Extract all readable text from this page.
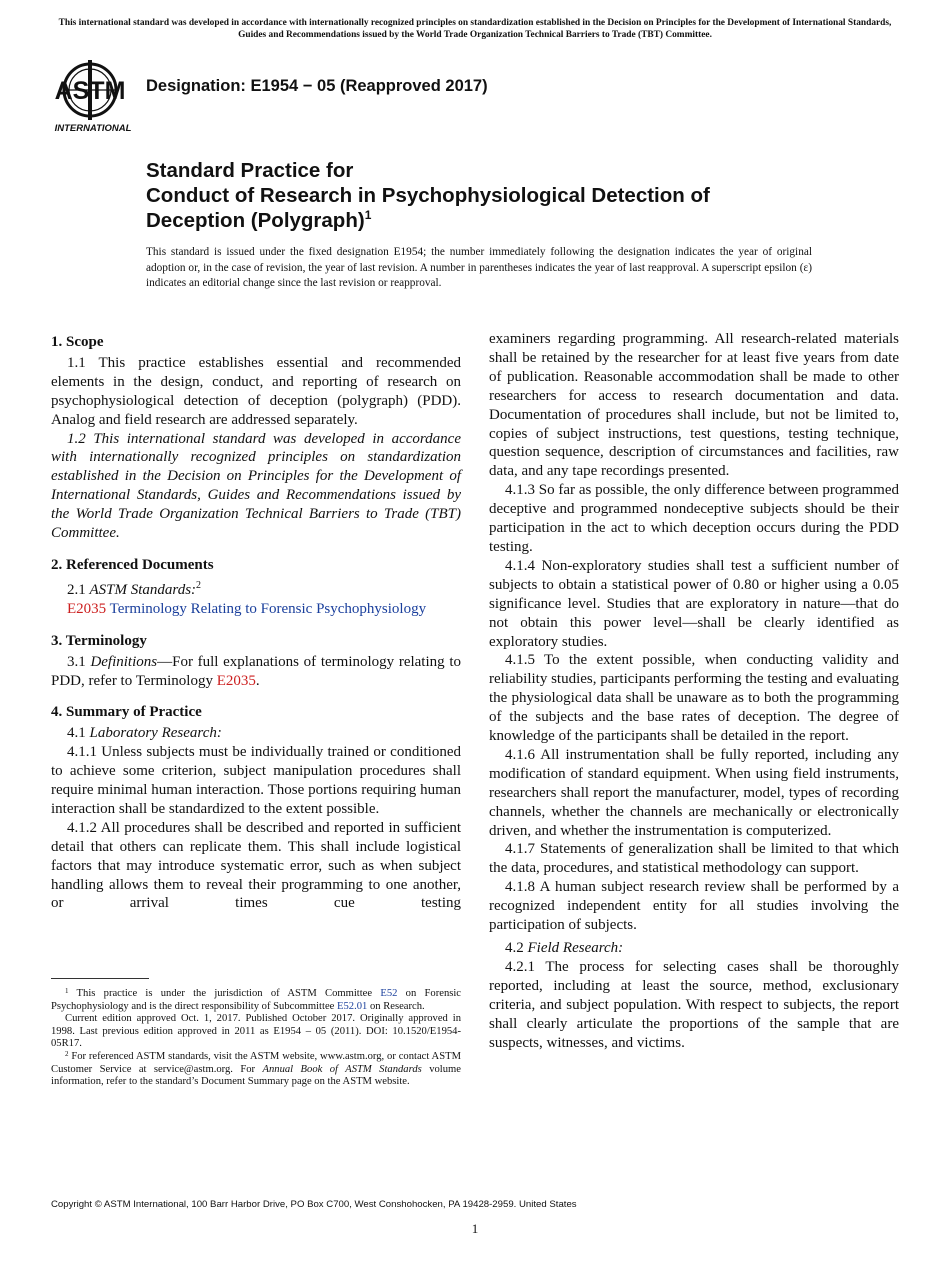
This international standard was developed in accordance with internationally recognized principles on standardization established in the Decision on Principles for the Development of International Standards, Guides and Recommendations issued by the World Trade Organization Technical Barriers to Trade (TBT) Committee.
ASTM
INTERNATIONAL
Designation: E1954 − 05 (Reapproved 2017)
Standard Practice for
Conduct of Research in Psychophysiological Detection of
Deception (Polygraph)$^1$
This standard is issued under the fixed designation E1954; the number immediately following the designation indicates the year of original adoption or, in the case of revision, the year of last revision. A number in parentheses indicates the year of last reapproval. A superscript epsilon (ε) indicates an editorial change since the last revision or reapproval.

1. Scope

1.1 This practice establishes essential and recommended elements in the design, conduct, and reporting of research on psychophysiological detection of deception (polygraph) (PDD). Analog and field research are addressed separately.

1.2 This international standard was developed in accordance with internationally recognized principles on standardization established in the Decision on Principles for the Development of International Standards, Guides and Recommendations issued by the World Trade Organization Technical Barriers to Trade (TBT) Committee.

2. Referenced Documents

2.1 ASTM Standards:$^2$

E2035 Terminology Relating to Forensic Psychophysiology

3. Terminology

3.1 Definitions—For full explanations of terminology relating to PDD, refer to Terminology E2035.

4. Summary of Practice

4.1 Laboratory Research:

4.1.1 Unless subjects must be individually trained or conditioned to achieve some criterion, subject manipulation procedures shall require minimal human interaction. Those portions requiring human interaction shall be standardized to the extent possible.

4.1.2 All procedures shall be described and reported in sufficient detail that others can replicate them. This shall include logistical factors that may introduce systematic error, such as when subject handling allows them to reveal their programming to one another, or arrival times cue testing

examiners regarding programming. All research-related materials shall be retained by the researcher for at least five years from date of publication. Reasonable accommodation shall be made to other researchers for access to research documentation and data. Documentation of procedures shall include, but not be limited to, copies of subject instructions, test questions, testing technique, question sequence, description of circumstances and facilities, raw data, and any tape recordings presented.

4.1.3 So far as possible, the only difference between programmed deceptive and programmed nondeceptive subjects should be their participation in the act to which deception occurs during the PDD testing.

4.1.4 Non-exploratory studies shall test a sufficient number of subjects to obtain a statistical power of 0.80 or higher using a 0.05 significance level. Studies that are exploratory in nature—that do not obtain this power level—shall be clearly identified as exploratory studies.

4.1.5 To the extent possible, when conducting validity and reliability studies, participants performing the testing and evaluating the physiological data shall be unaware as to both the programming of the subjects and the base rates of deception. The degree of knowledge of the participants shall be detailed in the report.

4.1.6 All instrumentation shall be fully reported, including any modification of standard equipment. When using field instruments, researchers shall report the manufacturer, model, types of recording channels, whether the channels are mechanically or electronically driven, and whether the instrumentation is computerized.

4.1.7 Statements of generalization shall be limited to that which the data, procedures, and statistical methodology can support.

4.1.8 A human subject research review shall be performed by a recognized independent entity for all studies involving the participation of subjects.

4.2 Field Research:

4.2.1 The process for selecting cases shall be thoroughly reported, including at least the source, method, exclusionary criteria, and subject population. With respect to subjects, the report shall clearly articulate the proportions of the sample that are suspects, witnesses, and victims.

$^1$ This practice is under the jurisdiction of ASTM Committee E52 on Forensic Psychophysiology and is the direct responsibility of Subcommittee E52.01 on Research.

Current edition approved Oct. 1, 2017. Published October 2017. Originally approved in 1998. Last previous edition approved in 2011 as E1954 – 05 (2011). DOI: 10.1520/E1954-05R17.

$^2$ For referenced ASTM standards, visit the ASTM website, www.astm.org, or contact ASTM Customer Service at service@astm.org. For Annual Book of ASTM Standards volume information, refer to the standard’s Document Summary page on the ASTM website.

Copyright © ASTM International, 100 Barr Harbor Drive, PO Box C700, West Conshohocken, PA 19428-2959. United States
1
